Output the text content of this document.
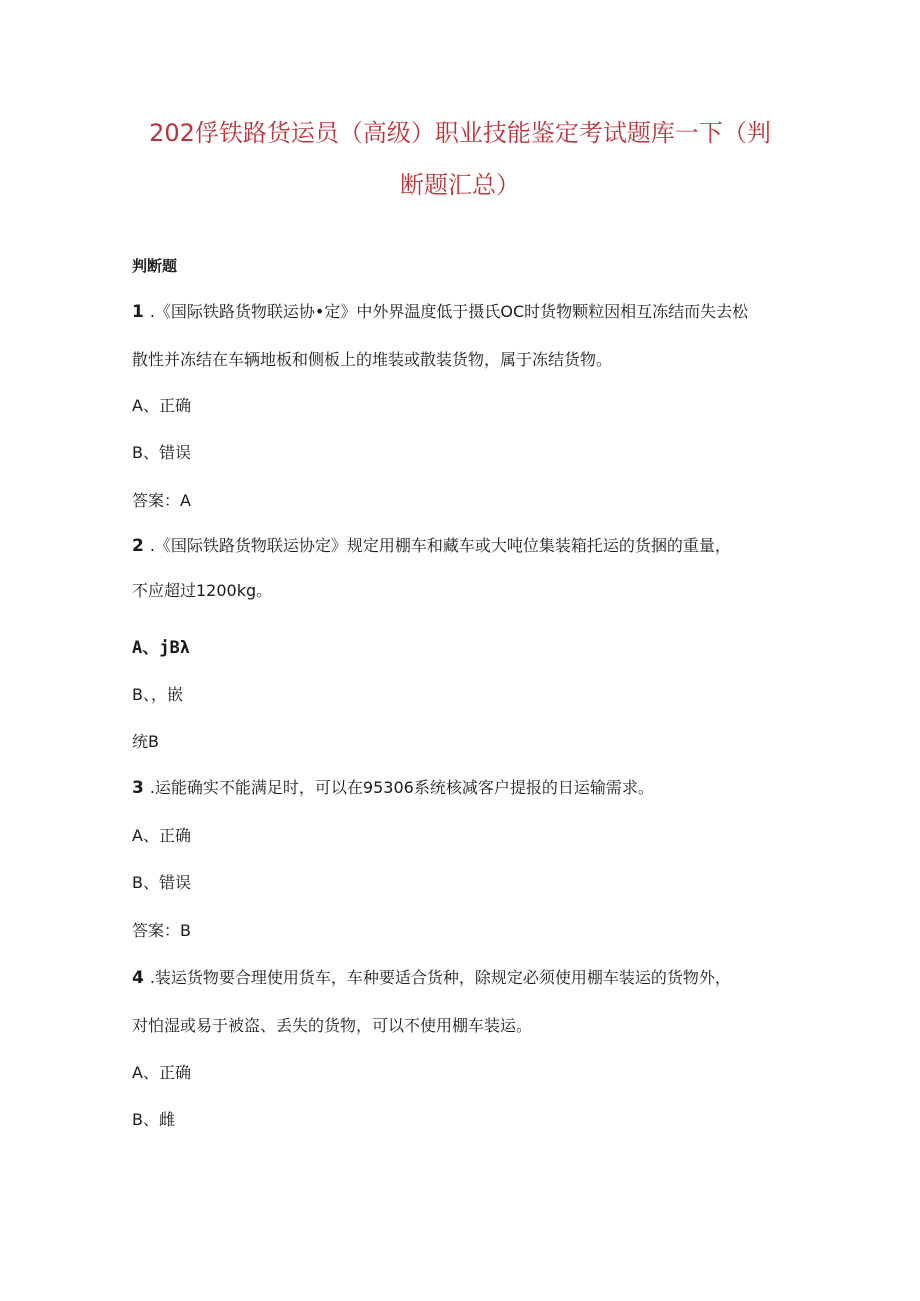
202俘铁路货运员（高级）职业技能鉴定考试题库一下（判
断题汇总）
判断题
1 .《国际铁路货物联运协•定》中外界温度低于摄氏OC时货物颗粒因相互冻结而失去松
散性并冻结在车辆地板和侧板上的堆装或散装货物，属于冻结货物。
A、正确
B、错误
答案：A
2 .《国际铁路货物联运协定》规定用棚车和藏车或大吨位集装箱托运的货捆的重量，
不应超过1200kg。
A、jBλ
B、，嵌
统B
3 .运能确实不能满足时，可以在95306系统核减客户提报的日运输需求。
A、正确
B、错误
答案：B
4 .装运货物要合理使用货车，车种要适合货种，除规定必须使用棚车装运的货物外，
对怕湿或易于被盗、丢失的货物，可以不使用棚车装运。
A、正确
B、雌
